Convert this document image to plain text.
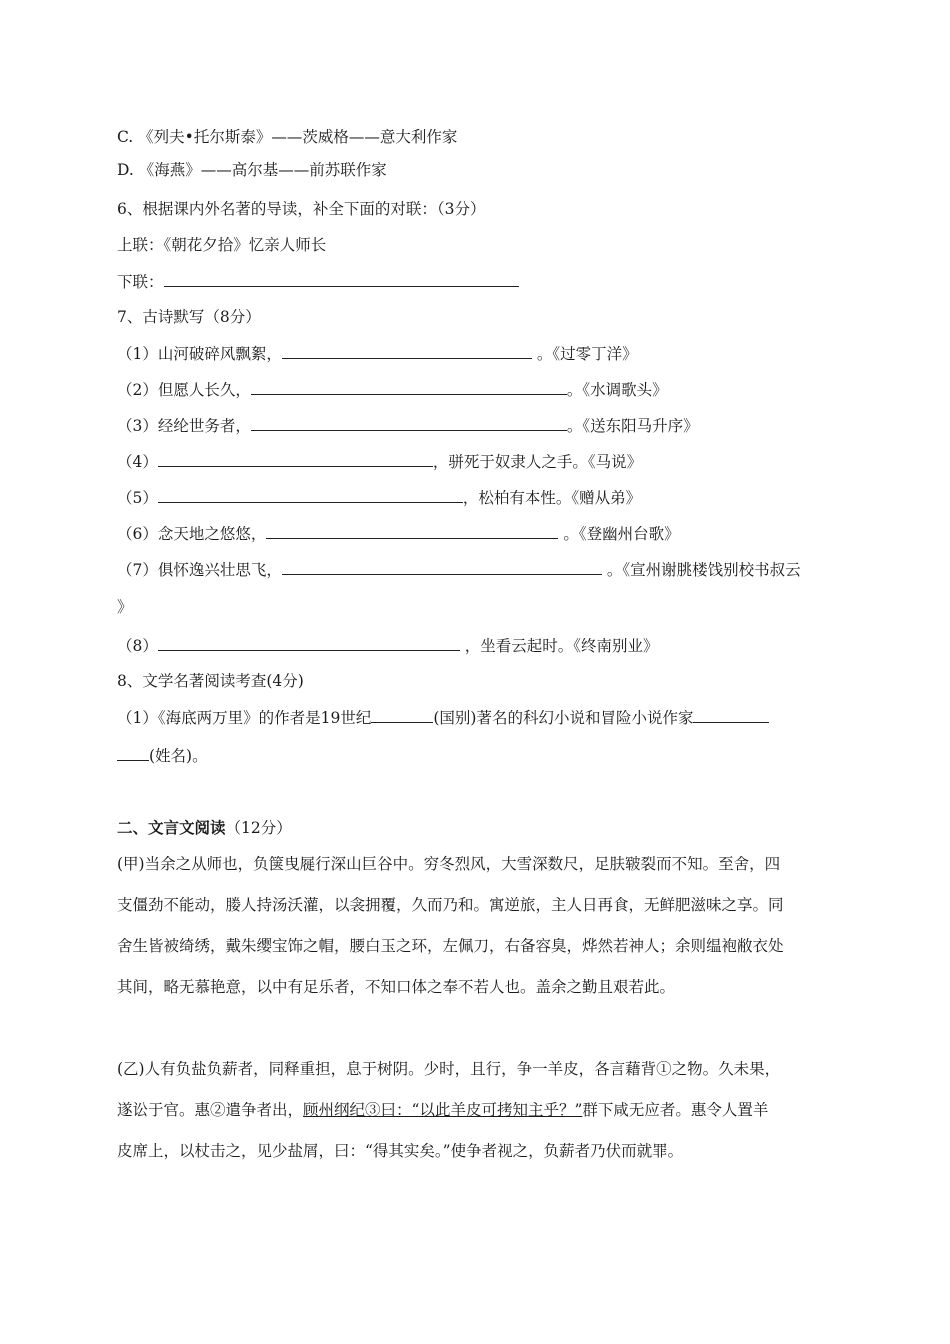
C. 《列夫•托尔斯泰》——茨威格——意大利作家
D. 《海燕》——高尔基——前苏联作家
6、根据课内外名著的导读，补全下面的对联：（3分）
上联：《朝花夕拾》忆亲人师长
下联：
7、古诗默写（8分）
（1）山河破碎风飘絮，	。《过零丁洋》
（2）但愿人长久，	。《水调歌头》
（3）经纶世务者，	。《送东阳马升序》
（4）	，骈死于奴隶人之手。《马说》
（5）	，松柏有本性。《赠从弟》
（6）念天地之悠悠，	。《登幽州台歌》
（7）俱怀逸兴壮思飞，	。《宣州谢朓楼饯别校书叔云
》
（8）	，坐看云起时。《终南别业》
8、文学名著阅读考查(4分)
（1）《海底两万里》的作者是19世纪	(国别)著名的科幻小说和冒险小说作家
(姓名)。
二、文言文阅读（12分）
(甲)当余之从师也，负箧曳屣行深山巨谷中。穷冬烈风，大雪深数尺，足肤皲裂而不知。至舍，四
支僵劲不能动，媵人持汤沃灌，以衾拥覆，久而乃和。寓逆旅，主人日再食，无鲜肥滋味之享。同
舍生皆被绮绣，戴朱缨宝饰之帽，腰白玉之环，左佩刀，右备容臭，烨然若神人；余则缊袍敝衣处
其间，略无慕艳意，以中有足乐者，不知口体之奉不若人也。盖余之勤且艰若此。
(乙)人有负盐负薪者，同释重担，息于树阴。少时，且行，争一羊皮，各言藉背①之物。久未果，
遂讼于官。惠②遣争者出，顾州纲纪③曰：“以此羊皮可拷知主乎？”群下咸无应者。惠令人置羊
皮席上，以杖击之，见少盐屑，曰：“得其实矣。”使争者视之，负薪者乃伏而就罪。
